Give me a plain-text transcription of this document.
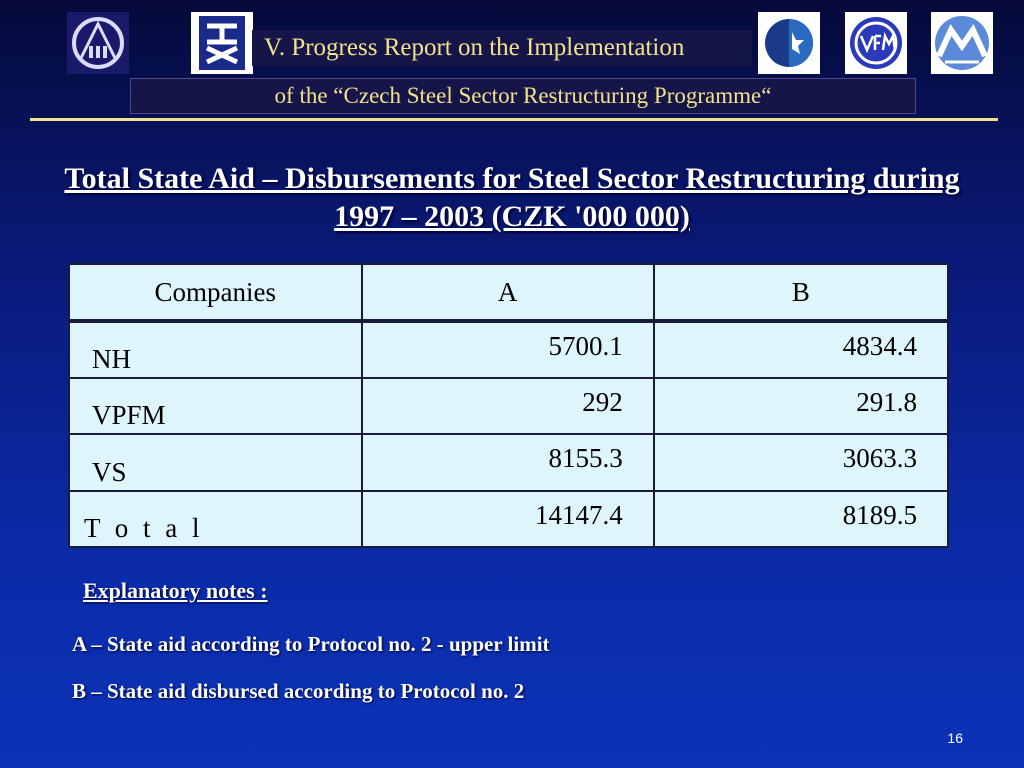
V. Progress Report on the Implementation
of the “Czech Steel Sector Restructuring Programme“
Total State Aid – Disbursements for Steel Sector Restructuring during 1997 – 2003 (CZK '000 000)
Companies	A	B

NH	5700.1	4834.4

VPFM	292	291.8

VS	8155.3	3063.3

T o t a l	14147.4	8189.5
Explanatory notes :
A – State aid according to Protocol no. 2 - upper limit
B – State aid disbursed according to Protocol no. 2
16
